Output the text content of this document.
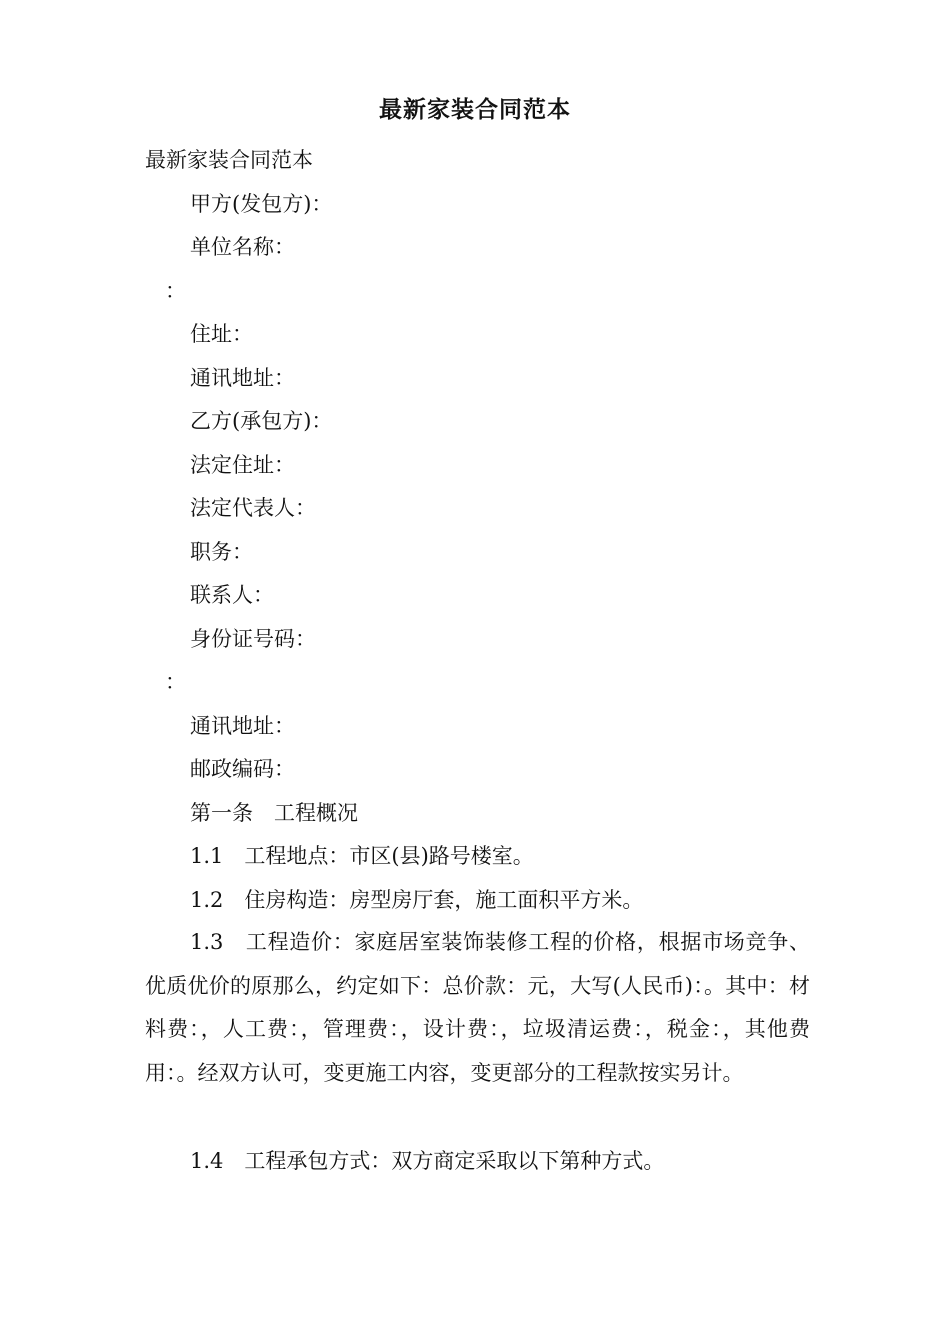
最新家装合同范本
最新家装合同范本
甲方(发包方)：
单位名称：
：
住址：
通讯地址：
乙方(承包方)：
法定住址：
法定代表人：
职务：
联系人：
身份证号码：
：
通讯地址：
邮政编码：
第一条　工程概况
1.1　工程地点：市区(县)路号楼室。
1.2　住房构造：房型房厅套，施工面积平方米。
1.3　工程造价：家庭居室装饰装修工程的价格，根据市场竞争、优质优价的原那么，约定如下：总价款：元，大写(人民币)：。其中：材料费：，人工费：，管理费：，设计费：，垃圾清运费：，税金：，其他费用：。经双方认可，变更施工内容，变更部分的工程款按实另计。
1.4　工程承包方式：双方商定采取以下第种方式。
